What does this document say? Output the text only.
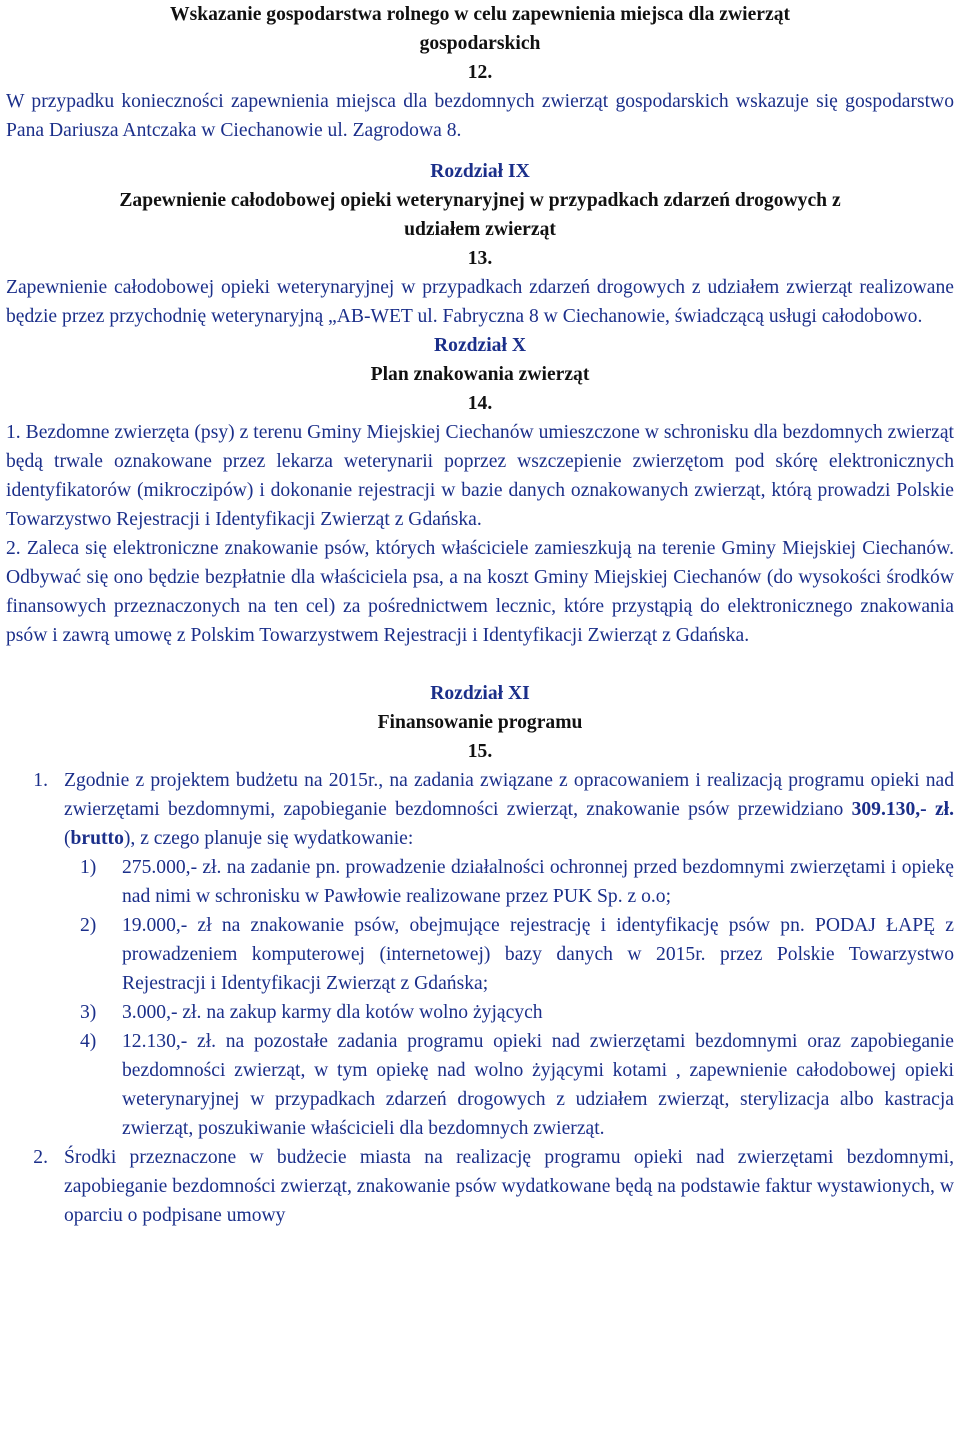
Wskazanie gospodarstwa rolnego w celu zapewnienia miejsca dla zwierząt
gospodarskich
12.

W przypadku konieczności zapewnienia miejsca dla bezdomnych zwierząt gospodarskich wskazuje się gospodarstwo Pana Dariusza Antczaka w Ciechanowie ul. Zagrodowa 8.

Rozdział IX
Zapewnienie całodobowej opieki weterynaryjnej w przypadkach zdarzeń drogowych z
udziałem zwierząt
13.

Zapewnienie całodobowej opieki weterynaryjnej w przypadkach zdarzeń drogowych z udziałem zwierząt realizowane będzie przez przychodnię weterynaryjną „AB-WET ul. Fabryczna 8 w Ciechanowie, świadczącą usługi całodobowo.

Rozdział X
Plan znakowania zwierząt
14.

1. Bezdomne zwierzęta (psy) z terenu Gminy Miejskiej Ciechanów umieszczone w schronisku dla bezdomnych zwierząt będą trwale oznakowane przez lekarza weterynarii poprzez wszczepienie zwierzętom pod skórę elektronicznych identyfikatorów (mikroczipów) i dokonanie rejestracji w bazie danych oznakowanych zwierząt, którą prowadzi Polskie Towarzystwo Rejestracji i Identyfikacji Zwierząt z Gdańska.

2. Zaleca się elektroniczne znakowanie psów, których właściciele zamieszkują na terenie Gminy Miejskiej Ciechanów. Odbywać się ono będzie bezpłatnie dla właściciela psa, a na koszt Gminy Miejskiej Ciechanów (do wysokości środków finansowych przeznaczonych na ten cel) za pośrednictwem lecznic, które przystąpią do elektronicznego znakowania psów i zawrą umowę z Polskim Towarzystwem Rejestracji i Identyfikacji Zwierząt z Gdańska.

Rozdział XI
Finansowanie programu
15.
1. Zgodnie z projektem budżetu na 2015r., na zadania związane z opracowaniem i realizacją programu opieki nad zwierzętami bezdomnymi, zapobieganie bezdomności zwierząt, znakowanie psów przewidziano 309.130,- zł. (brutto), z czego planuje się wydatkowanie:
1)	275.000,- zł. na zadanie pn. prowadzenie działalności ochronnej przed bezdomnymi zwierzętami i opiekę nad nimi w schronisku w Pawłowie realizowane przez PUK Sp. z o.o;
2)	19.000,- zł na znakowanie psów, obejmujące rejestrację i identyfikację psów pn. PODAJ ŁAPĘ z prowadzeniem komputerowej (internetowej) bazy danych w 2015r. przez Polskie Towarzystwo Rejestracji i Identyfikacji Zwierząt z Gdańska;
3)	3.000,- zł. na zakup karmy dla kotów wolno żyjących
4)	12.130,- zł. na pozostałe zadania programu opieki nad zwierzętami bezdomnymi oraz zapobieganie bezdomności zwierząt, w tym opiekę nad wolno żyjącymi kotami , zapewnienie całodobowej opieki weterynaryjnej w przypadkach zdarzeń drogowych z udziałem zwierząt, sterylizacja albo kastracja zwierząt, poszukiwanie właścicieli dla bezdomnych zwierząt.
2. Środki przeznaczone w budżecie miasta na realizację programu opieki nad zwierzętami bezdomnymi, zapobieganie bezdomności zwierząt, znakowanie psów wydatkowane będą na podstawie faktur wystawionych, w oparciu o podpisane umowy
